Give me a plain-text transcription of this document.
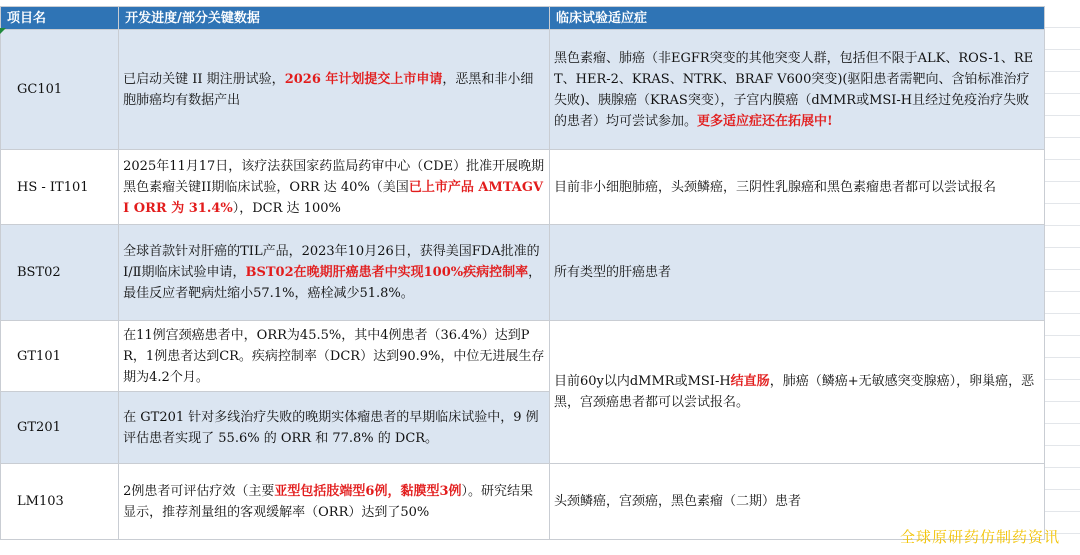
项目名	开发进度/部分关键数据	临床试验适应症
GC101	已启动关键 II 期注册试验，2026 年计划提交上市申请，恶黑和非小细胞肺癌均有数据产出	黑色素瘤、肺癌（非EGFR突变的其他突变人群，包括但不限于ALK、ROS-1、RET、HER-2、KRAS、NTRK、BRAF V600突变)(驱阳患者需靶向、含铂标准治疗失败)、胰腺癌（KRAS突变），子宫内膜癌（dMMR或MSI-H且经过免疫治疗失败的患者）均可尝试参加。更多适应症还在拓展中!
HS - IT101	2025年11月17日，该疗法获国家药监局药审中心（CDE）批准开展晚期黑色素瘤关键II期临床试验，ORR 达 40%（美国已上市产品 AMTAGVI ORR 为 31.4%），DCR 达 100%	目前非小细胞肺癌，头颈鳞癌，三阴性乳腺癌和黑色素瘤患者都可以尝试报名
BST02	全球首款针对肝癌的TIL产品，2023年10月26日，获得美国FDA批准的Ⅰ/Ⅱ期临床试验申请，BST02在晚期肝癌患者中实现100%疾病控制率，最佳反应者靶病灶缩小57.1%，癌栓减少51.8%。	所有类型的肝癌患者
GT101	在11例宫颈癌患者中，ORR为45.5%，其中4例患者（36.4%）达到PR，1例患者达到CR。疾病控制率（DCR）达到90.9%，中位无进展生存期为4.2个月。	目前60y以内dMMR或MSI-H结直肠，肺癌（鳞癌+无敏感突变腺癌），卵巢癌，恶黑，宫颈癌患者都可以尝试报名。
GT201	在 GT201 针对多线治疗失败的晚期实体瘤患者的早期临床试验中，9 例评估患者实现了 55.6% 的 ORR 和 77.8% 的 DCR。	
LM103	2例患者可评估疗效（主要亚型包括肢端型6例，黏膜型3例）。研究结果显示，推荐剂量组的客观缓解率（ORR）达到了50%	头颈鳞癌，宫颈癌，黑色素瘤（二期）患者
全球原研药仿制药资讯
